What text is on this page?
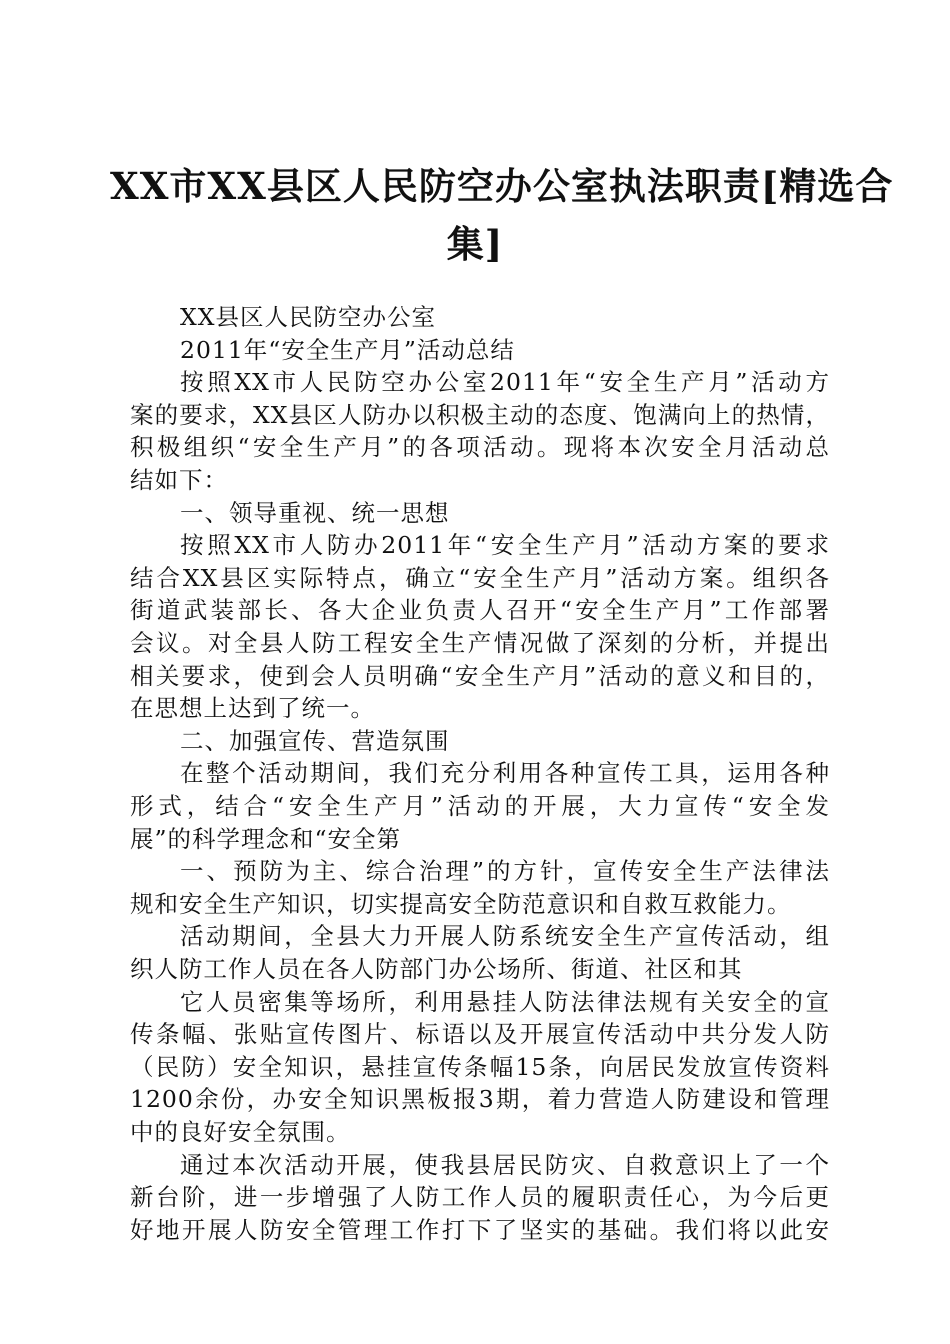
XX市XX县区人民防空办公室执法职责[精选合
集]
XX县区人民防空办公室
2011年“安全生产月”活动总结
按照XX市人民防空办公室2011年“安全生产月”活动方
案的要求，XX县区人防办以积极主动的态度、饱满向上的热情，
积极组织“安全生产月”的各项活动。现将本次安全月活动总
结如下：
一、领导重视、统一思想
按照XX市人防办2011年“安全生产月”活动方案的要求
结合XX县区实际特点，确立“安全生产月”活动方案。组织各
街道武装部长、各大企业负责人召开“安全生产月”工作部署
会议。对全县人防工程安全生产情况做了深刻的分析，并提出
相关要求，使到会人员明确“安全生产月”活动的意义和目的，
在思想上达到了统一。
二、加强宣传、营造氛围
在整个活动期间，我们充分利用各种宣传工具，运用各种
形式，结合“安全生产月”活动的开展，大力宣传“安全发
展”的科学理念和“安全第
一、预防为主、综合治理”的方针，宣传安全生产法律法
规和安全生产知识，切实提高安全防范意识和自救互救能力。
活动期间，全县大力开展人防系统安全生产宣传活动，组
织人防工作人员在各人防部门办公场所、街道、社区和其
它人员密集等场所，利用悬挂人防法律法规有关安全的宣
传条幅、张贴宣传图片、标语以及开展宣传活动中共分发人防
（民防）安全知识，悬挂宣传条幅15条，向居民发放宣传资料
1200余份，办安全知识黑板报3期，着力营造人防建设和管理
中的良好安全氛围。
通过本次活动开展，使我县居民防灾、自救意识上了一个
新台阶，进一步增强了人防工作人员的履职责任心，为今后更
好地开展人防安全管理工作打下了坚实的基础。我们将以此安
